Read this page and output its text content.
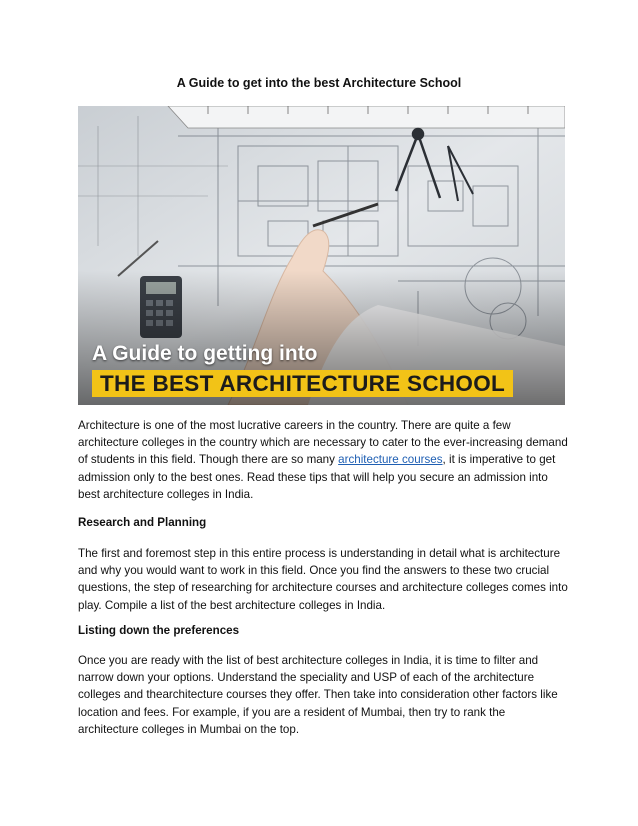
A Guide to get into the best Architecture School
A Guide to getting into
THE BEST ARCHITECTURE SCHOOL

Architecture is one of the most lucrative careers in the country. There are quite a few architecture colleges in the country which are necessary to cater to the ever-increasing demand of students in this field. Though there are so many architecture courses, it is imperative to get admission only to the best ones. Read these tips that will help you secure an admission into best architecture colleges in India.

Research and Planning

The first and foremost step in this entire process is understanding in detail what is architecture and why you would want to work in this field. Once you find the answers to these two crucial questions, the step of researching for architecture courses and architecture colleges comes into play. Compile a list of the best architecture colleges in India.

Listing down the preferences

Once you are ready with the list of best architecture colleges in India, it is time to filter and narrow down your options. Understand the speciality and USP of each of the architecture colleges and thearchitecture courses they offer. Then take into consideration other factors like location and fees. For example, if you are a resident of Mumbai, then try to rank the architecture colleges in Mumbai on the top.
